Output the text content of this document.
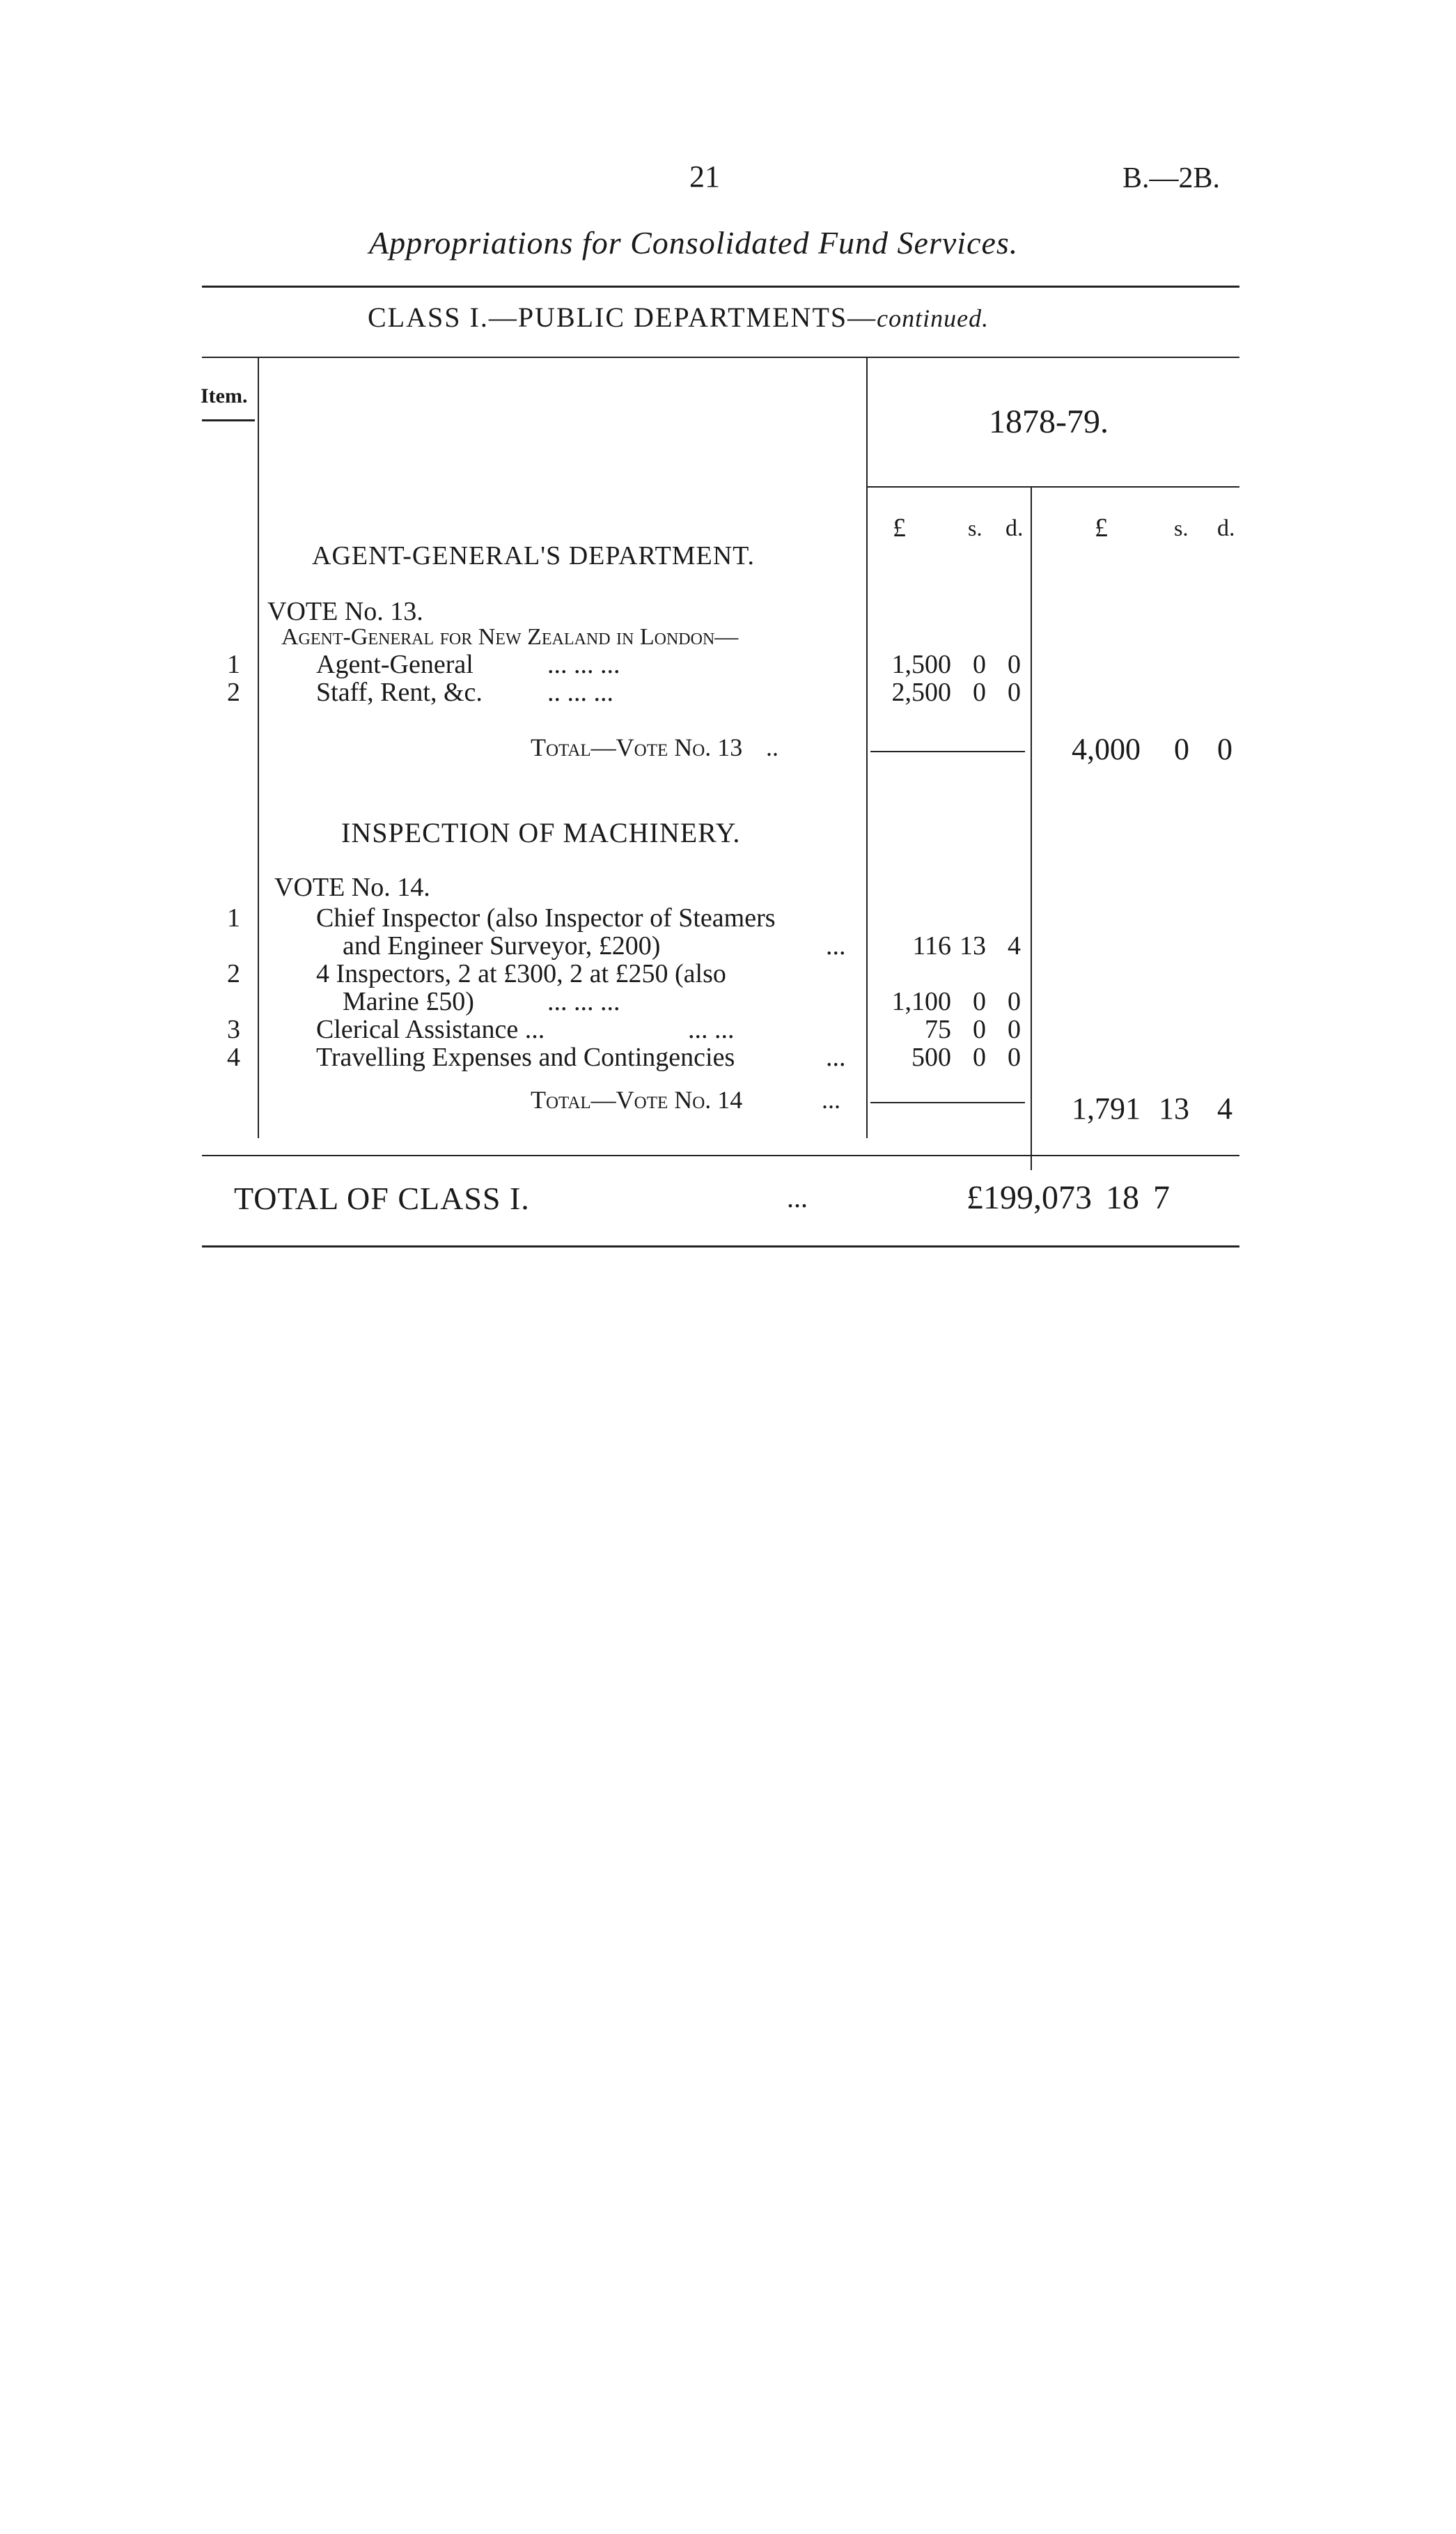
21	B.—2B.
Appropriations for Consolidated Fund Services.
CLASS I.—PUBLIC DEPARTMENTS—continued.
Item.
1878-79.
£	s. d.	£	s. d.
AGENT-GENERAL'S DEPARTMENT.
VOTE No. 13.
Agent-General for New Zealand in London—
1	Agent-General	... ... ...	1,500 0 0
2	Staff, Rent, &c. .. ... ...	2,500 0 0
Total—Vote No. 13 ..	4,000	0 0
INSPECTION OF MACHINERY.
VOTE No. 14.
1	Chief Inspector (also Inspector of Steamers
and Engineer Surveyor, £200)	...	116 13 4
2	4 Inspectors, 2 at £300, 2 at £250 (also
Marine £50)	... ... ...	1,100 0 0
3	Clerical Assistance ...	... ...	75 0 0
4	Travelling Expenses and Contingencies	...	500 0 0
Total—Vote No. 14	...	1,791 13 4
TOTAL OF CLASS I.	...	£199,073 18 7
